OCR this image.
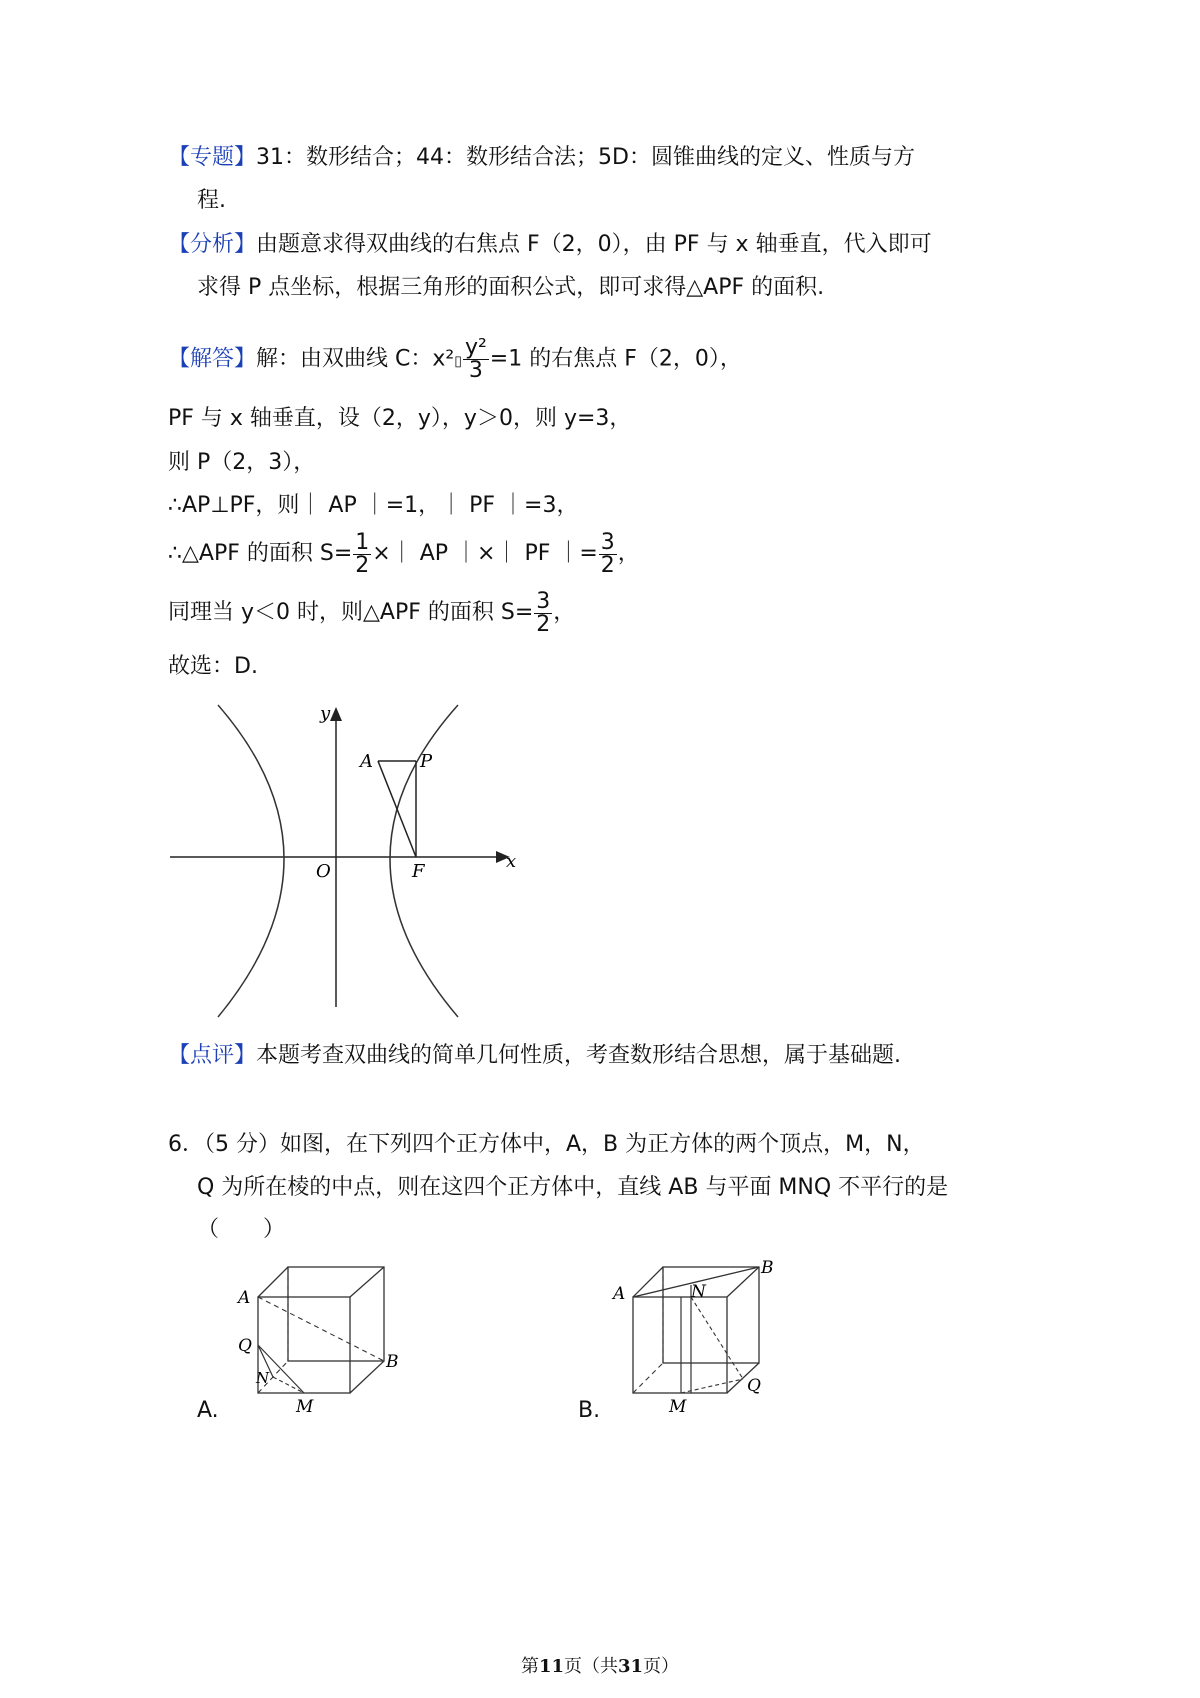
【专题】31：数形结合；44：数形结合法；5D：圆锥曲线的定义、性质与方
程.
【分析】由题意求得双曲线的右焦点 F（2，0），由 PF 与 x 轴垂直，代入即可
求得 P 点坐标，根据三角形的面积公式，即可求得△APF 的面积.
【解答】解：由双曲线 C：x²▯ $\frac{\text{y²}}{3} =1$ 的右焦点 F（2，0），
PF 与 x 轴垂直，设（2，y），y＞0，则 y=3，
则 P（2，3），
∴AP⊥PF，则｜ AP ｜=1，｜ PF ｜=3，
∴△APF 的面积 $S= \frac{1}{2}$ ×｜ AP ｜×｜ PF ｜= $\frac{3}{2}$ ，
同理当 y＜0 时，则△APF 的面积 $S= \frac{3}{2}$ ，
故选：D.
y
x
O	F
A	P
【点评】本题考查双曲线的简单几何性质，考查数形结合思想，属于基础题.
6．（5 分）如图，在下列四个正方体中，A，B 为正方体的两个顶点，M，N，
Q 为所在棱的中点，则在这四个正方体中，直线 AB 与平面 MNQ 不平行的是
（　　）
A
Q
N
M
B
A.
A
B
N
M
Q
B.
第11页（共31页）
